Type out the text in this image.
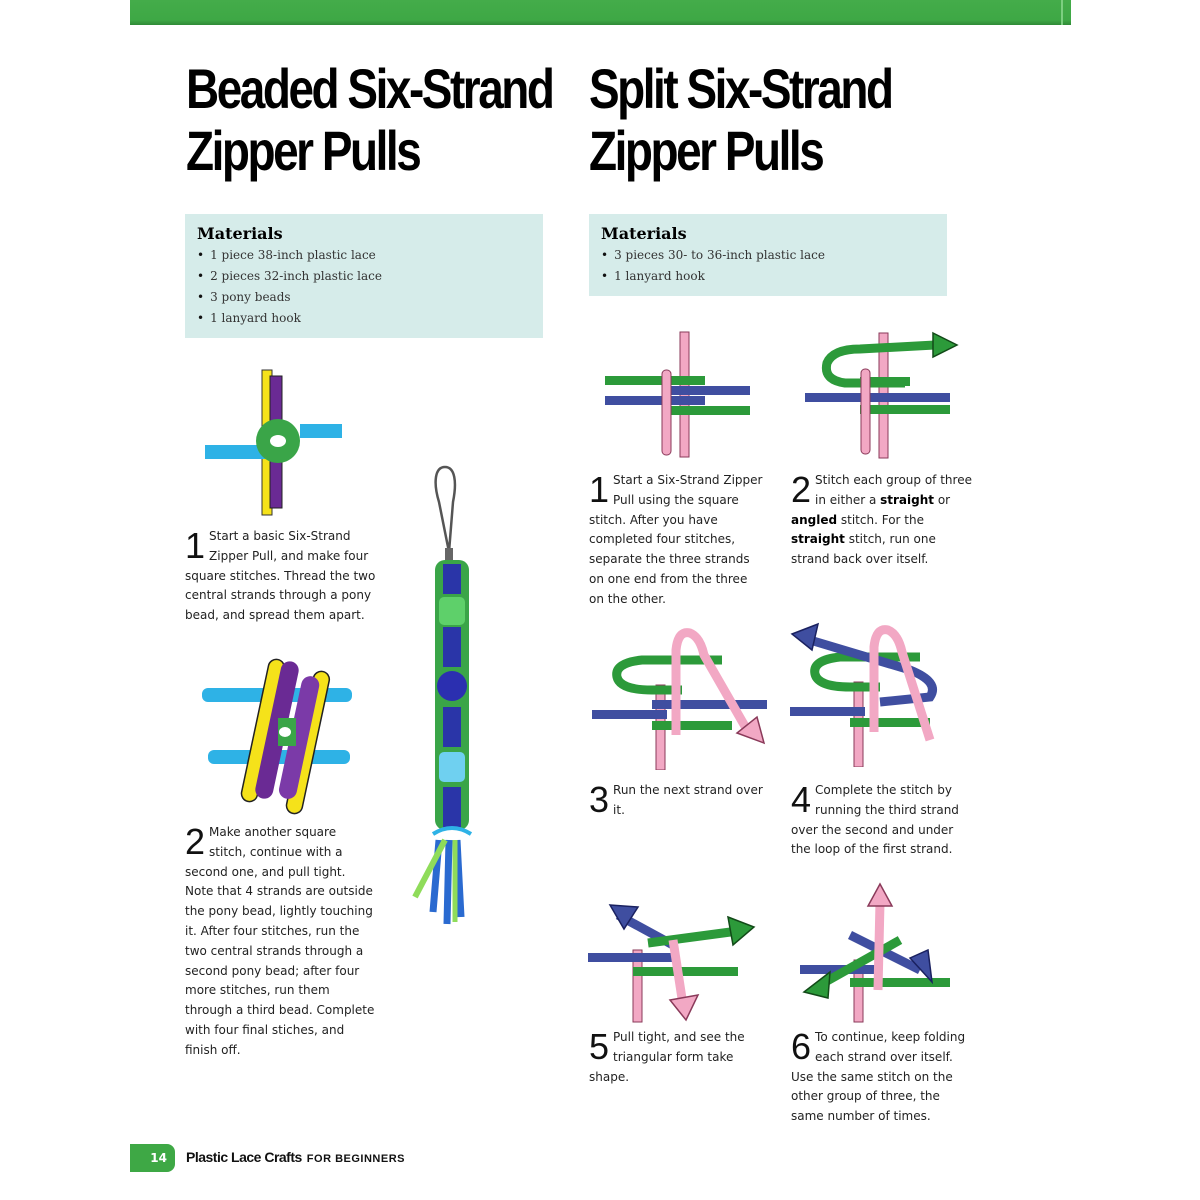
Beaded Six-Strand
Zipper Pulls
Materials
• 1 piece 38-inch plastic lace
• 2 pieces 32-inch plastic lace
• 3 pony beads
• 1 lanyard hook
1 Start a basic Six-Strand Zipper Pull, and make four square stitches. Thread the two central strands through a pony bead, and spread them apart.
2 Make another square stitch, continue with a second one, and pull tight. Note that 4 strands are outside the pony bead, lightly touching it. After four stitches, run the two central strands through a second pony bead; after four more stitches, run them through a third bead. Complete with four final stiches, and finish off.
Split Six-Strand
Zipper Pulls
Materials
• 3 pieces 30- to 36-inch plastic lace
• 1 lanyard hook
1 Start a Six-Strand Zipper Pull using the square stitch. After you have completed four stitches, separate the three strands on one end from the three on the other.
2 Stitch each group of three in either a straight or angled stitch. For the straight stitch, run one strand back over itself.
3 Run the next strand over it.	4 Complete the stitch by running the third strand over the second and under the loop of the first strand.
5 Pull tight, and see the triangular form take shape.
6 To continue, keep folding each strand over itself. Use the same stitch on the other group of three, the same number of times.
14 Plastic Lace Crafts FOR BEGINNERS
